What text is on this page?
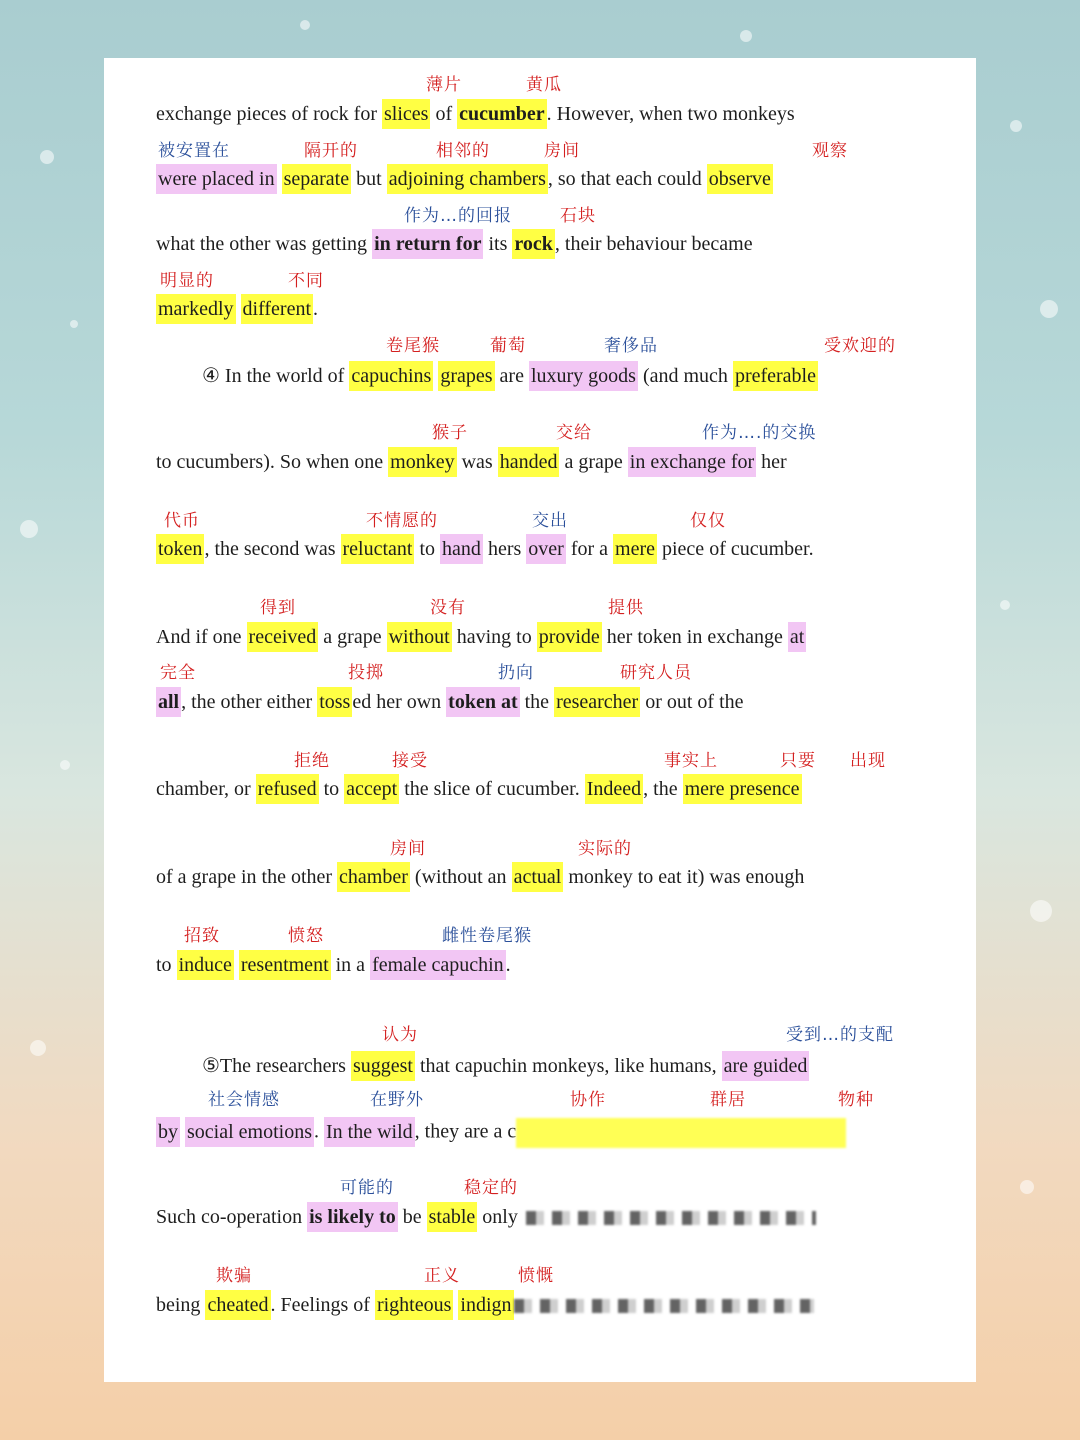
薄片	黄瓜
exchange pieces of rock for slices of cucumber . However, when two monkeys
被安置在	隔开的	相邻的	房间	观察
were placed in separate but adjoining chambers , so that each could observe
作为…的回报	石块
what the other was getting in return for its rock , their behaviour became
明显的	不同
markedly different .
卷尾猴	葡萄	奢侈品	受欢迎的
④ In the world of capuchins grapes are luxury goods (and much preferable
猴子	交给	作为….的交换
to cucumbers). So when one monkey was handed a grape in exchange for her
代币	不情愿的	交出	仅仅
token , the second was reluctant to hand hers over for a mere piece of cucumber.
得到	没有	提供
And if one received a grape without having to provide her token in exchange at
完全	投掷	扔向	研究人员
all , the other either toss ed her own token at the researcher or out of the
拒绝	接受	事实上	只要 出现
chamber, or refused to accept the slice of cucumber. Indeed , the mere presence
房间	实际的
of a grape in the other chamber (without an actual monkey to eat it) was enough
招致	愤怒	雌性卷尾猴
to induce resentment in a female capuchin .
认为	受到…的支配
⑤The researchers suggest that capuchin monkeys, like humans, are guided
社会情感	在野外	协作	群居	物种
by social emotions . In the wild , they are a c
可能的	稳定的
Such co-operation is likely to be stable only
欺骗	正义	愤慨
being cheated . Feelings of righteous indign
